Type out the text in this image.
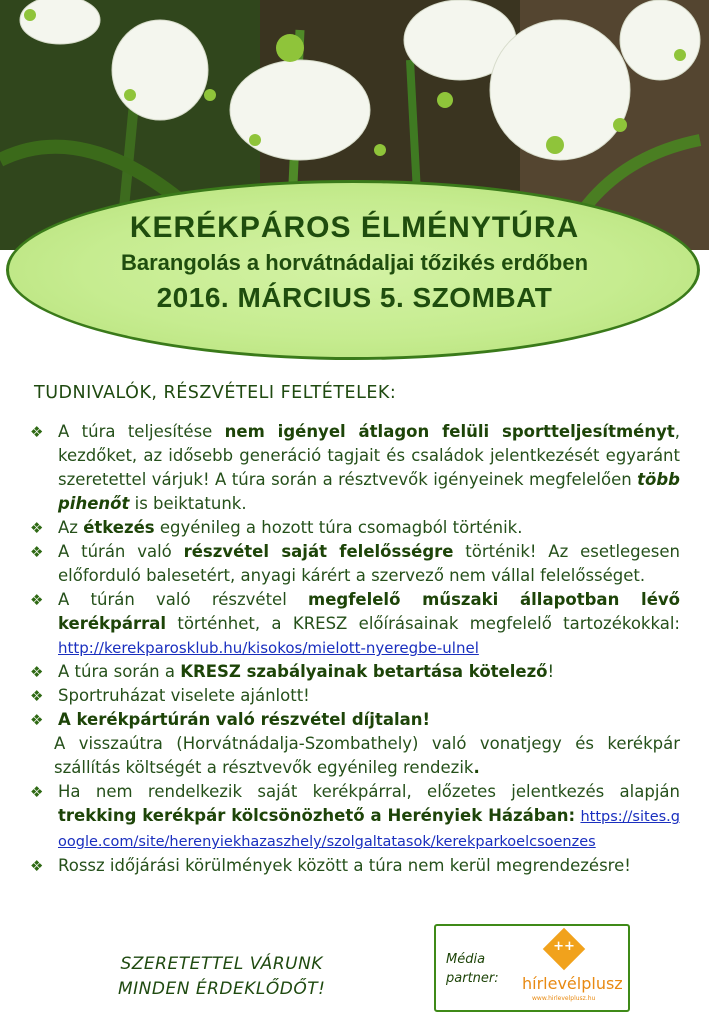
KERÉKPÁROS ÉLMÉNYTÚRA
Barangolás a horvátnádaljai tőzikés erdőben
2016. MÁRCIUS 5. SZOMBAT
TUDNIVALÓK, RÉSZVÉTELI FELTÉTELEK:
❖ A túra teljesítése nem igényel átlagon felüli sportteljesítményt, kezdőket, az idősebb generáció tagjait és családok jelentkezését egyaránt szeretettel várjuk! A túra során a résztvevők igényeinek megfelelően több pihenőt is beiktatunk.
❖ Az étkezés egyénileg a hozott túra csomagból történik.
❖ A túrán való részvétel saját felelősségre történik! Az esetlegesen előforduló balesetért, anyagi kárért a szervező nem vállal felelősséget.
❖ A túrán való részvétel megfelelő műszaki állapotban lévő kerékpárral történhet, a KRESZ előírásainak megfelelő tartozékokkal: http://kerekparosklub.hu/kisokos/mielott-nyeregbe-ulnel
❖ A túra során a KRESZ szabályainak betartása kötelező!
❖ Sportruházat viselete ajánlott!
❖ A kerékpártúrán való részvétel díjtalan!
A visszaútra (Horvátnádalja-Szombathely) való vonatjegy és kerékpár szállítás költségét a résztvevők egyénileg rendezik.
❖ Ha nem rendelkezik saját kerékpárral, előzetes jelentkezés alapján trekking kerékpár kölcsönözhető a Herényiek Házában: https://sites.google.com/site/herenyiekhazaszhely/szolgaltatasok/kerekparkoelcsoenzes
❖ Rossz időjárási körülmények között a túra nem kerül megrendezésre!
SZERETETTEL VÁRUNK
MINDEN ÉRDEKLŐDŐT!
Média
partner:
++
hírlevélplusz
www.hirlevelplusz.hu
